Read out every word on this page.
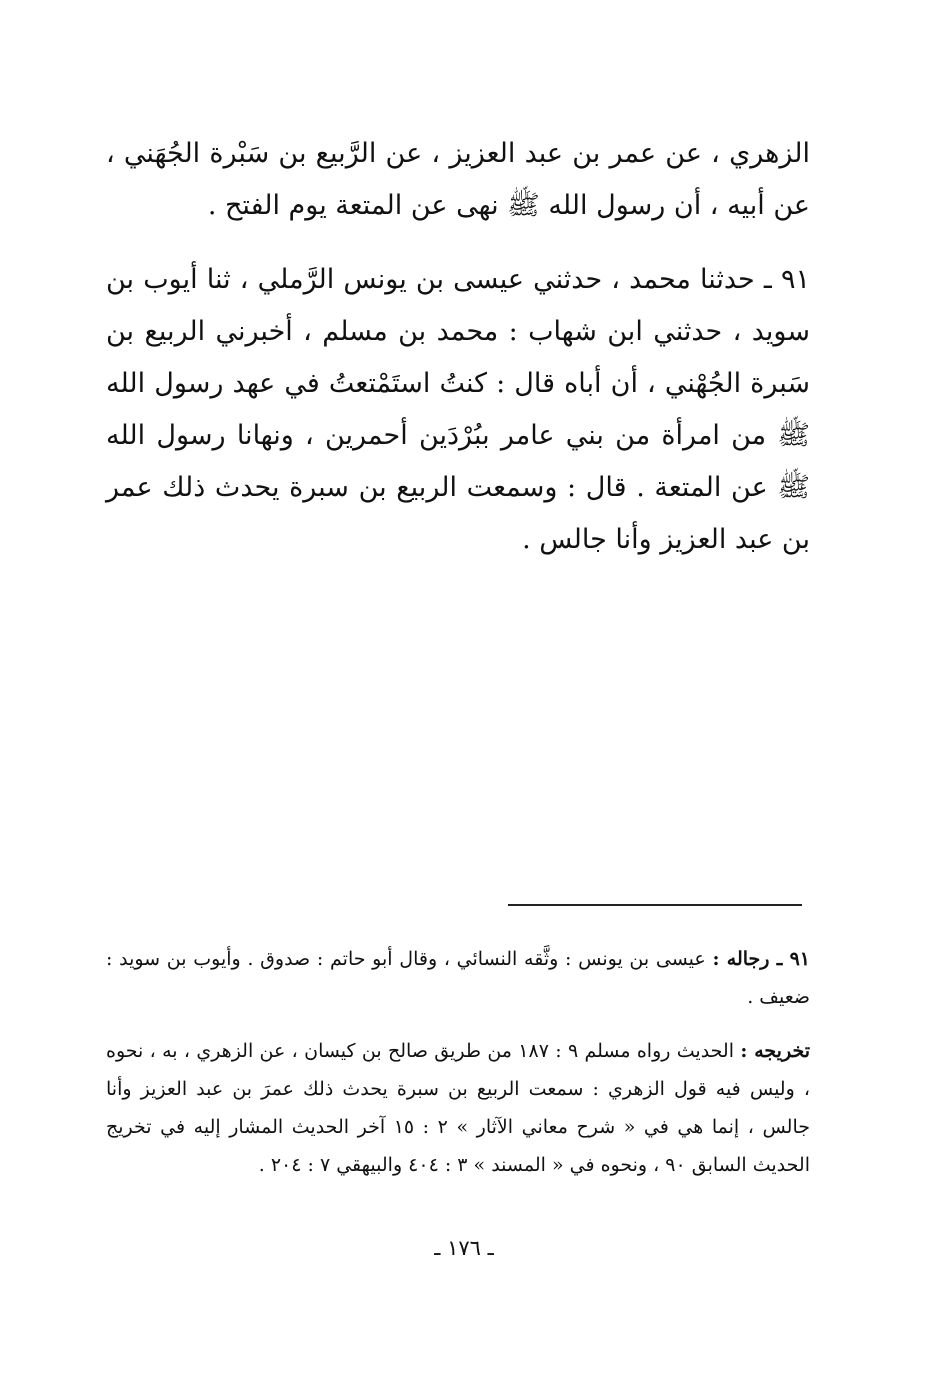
الزهري ، عن عمر بن عبد العزيز ، عن الرَّبيع بن سَبْرة الجُهَني ، عن أبيه ، أن رسول الله ﷺ نهى عن المتعة يوم الفتح .

٩١ ـ حدثنا محمد ، حدثني عيسى بن يونس الرَّملي ، ثنا أيوب بن سويد ، حدثني ابن شهاب : محمد بن مسلم ، أخبرني الربيع بن سَبرة الجُهْني ، أن أباه قال : كنتُ استَمْتعتُ في عهد رسول الله ﷺ من امرأة من بني عامر ببُرْدَين أحمرين ، ونهانا رسول الله ﷺ عن المتعة . قال : وسمعت الربيع بن سبرة يحدث ذلك عمر بن عبد العزيز وأنا جالس .

٩١ ـ رجاله : عيسى بن يونس : وثَّقه النسائي ، وقال أبو حاتم : صدوق . وأيوب بن سويد : ضعيف .

تخريجه : الحديث رواه مسلم ٩ : ١٨٧ من طريق صالح بن كيسان ، عن الزهري ، به ، نحوه ، وليس فيه قول الزهري : سمعت الربيع بن سبرة يحدث ذلك عمرَ بن عبد العزيز وأنا جالس ، إنما هي في « شرح معاني الآثار » ٢ : ١٥ آخر الحديث المشار إليه في تخريج الحديث السابق ٩٠ ، ونحوه في « المسند » ٣ : ٤٠٤ والبيهقي ٧ : ٢٠٤ .

ـ ١٧٦ ـ
